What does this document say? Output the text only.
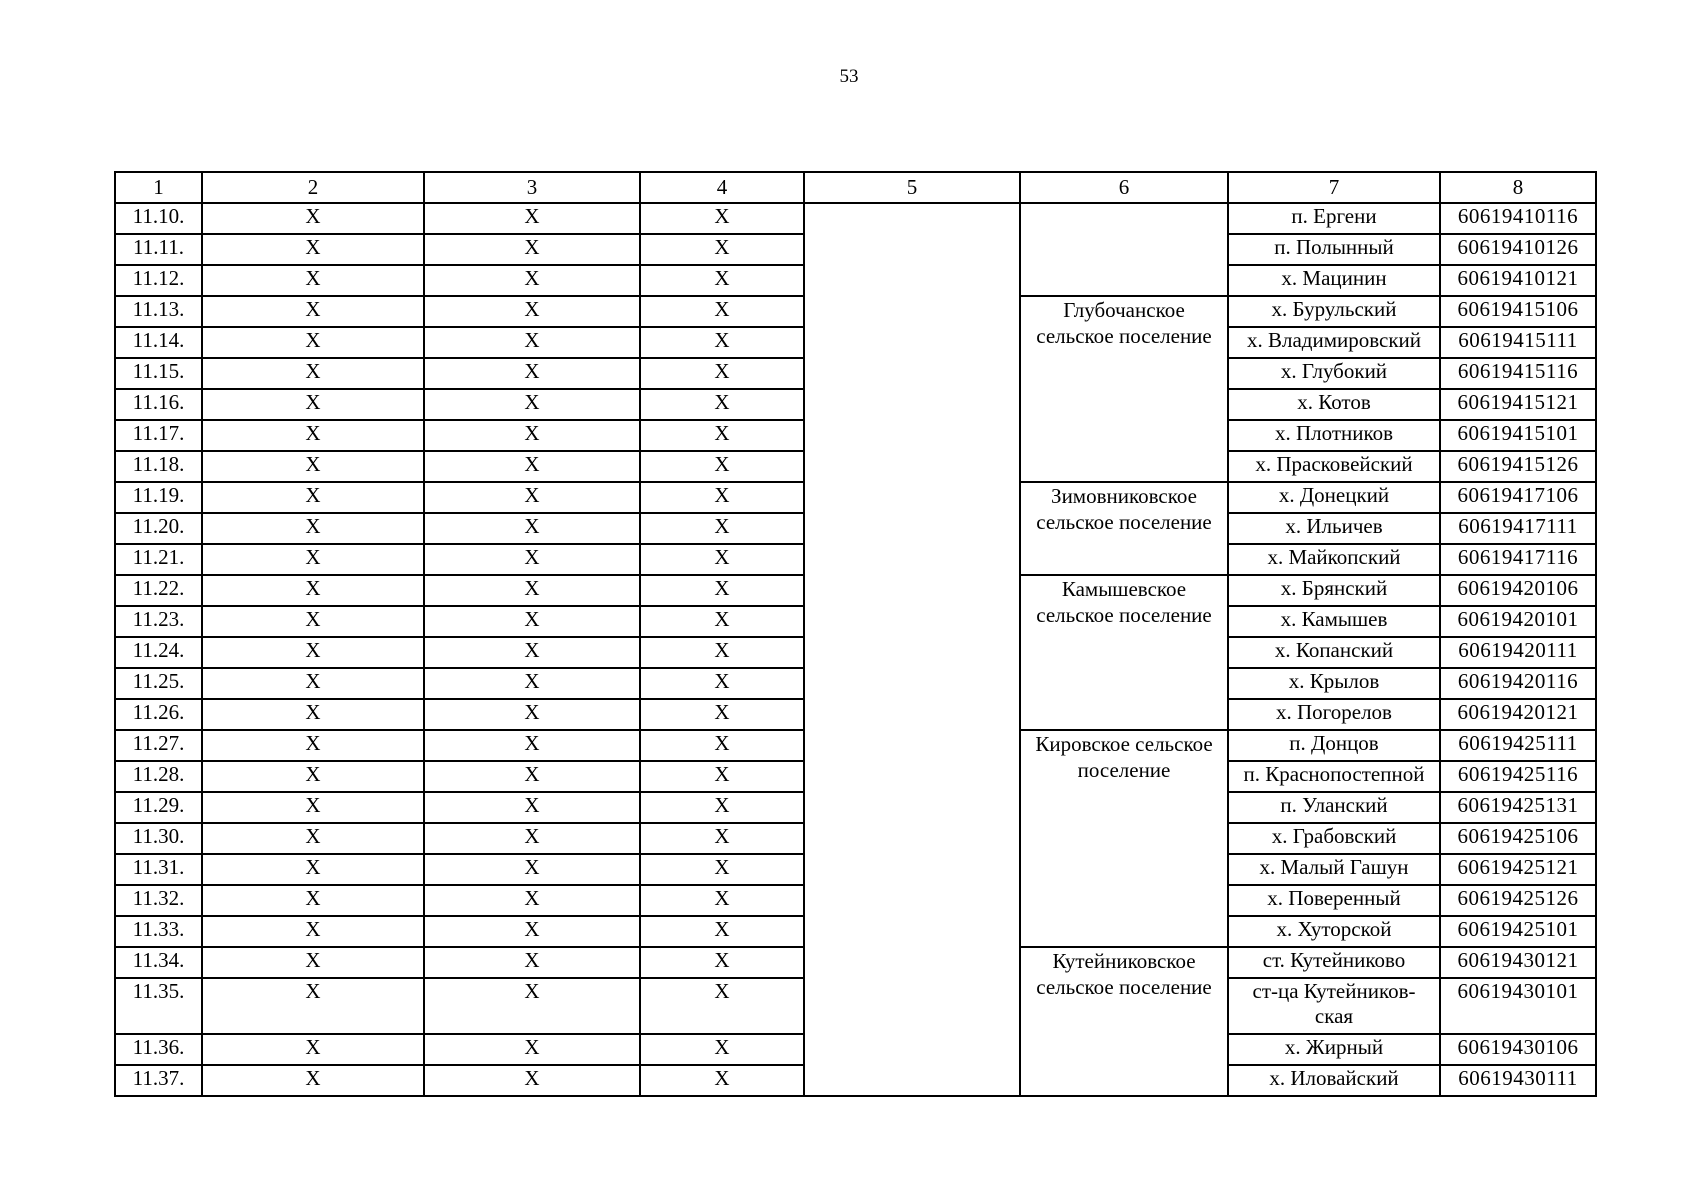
53
1	2	3	4	5	6	7	8
11.10.	Х	Х	Х			п. Ергени	60619410116
11.11.	Х	Х	Х			п. Полынный	60619410126
11.12.	Х	Х	Х			х. Мацинин	60619410121
11.13.	Х	Х	Х		Глубочанское сельское поселение	х. Бурульский	60619415106
11.14.	Х	Х	Х			х. Владимировский	60619415111
11.15.	Х	Х	Х			х. Глубокий	60619415116
11.16.	Х	Х	Х			х. Котов	60619415121
11.17.	Х	Х	Х			х. Плотников	60619415101
11.18.	Х	Х	Х			х. Прасковейский	60619415126
11.19.	Х	Х	Х		Зимовниковское сельское поселение	х. Донецкий	60619417106
11.20.	Х	Х	Х			х. Ильичев	60619417111
11.21.	Х	Х	Х			х. Майкопский	60619417116
11.22.	Х	Х	Х		Камышевское сельское поселение	х. Брянский	60619420106
11.23.	Х	Х	Х			х. Камышев	60619420101
11.24.	Х	Х	Х			х. Копанский	60619420111
11.25.	Х	Х	Х			х. Крылов	60619420116
11.26.	Х	Х	Х			х. Погорелов	60619420121
11.27.	Х	Х	Х		Кировское сельское поселение	п. Донцов	60619425111
11.28.	Х	Х	Х			п. Краснопостепной	60619425116
11.29.	Х	Х	Х			п. Уланский	60619425131
11.30.	Х	Х	Х			х. Грабовский	60619425106
11.31.	Х	Х	Х			х. Малый Гашун	60619425121
11.32.	Х	Х	Х			х. Поверенный	60619425126
11.33.	Х	Х	Х			х. Хуторской	60619425101
11.34.	Х	Х	Х		Кутейниковское сельское поселение	ст. Кутейниково	60619430121
11.35.	Х	Х	Х			ст-ца Кутейников-ская	60619430101
11.36.	Х	Х	Х			х. Жирный	60619430106
11.37.	Х	Х	Х			х. Иловайский	60619430111
